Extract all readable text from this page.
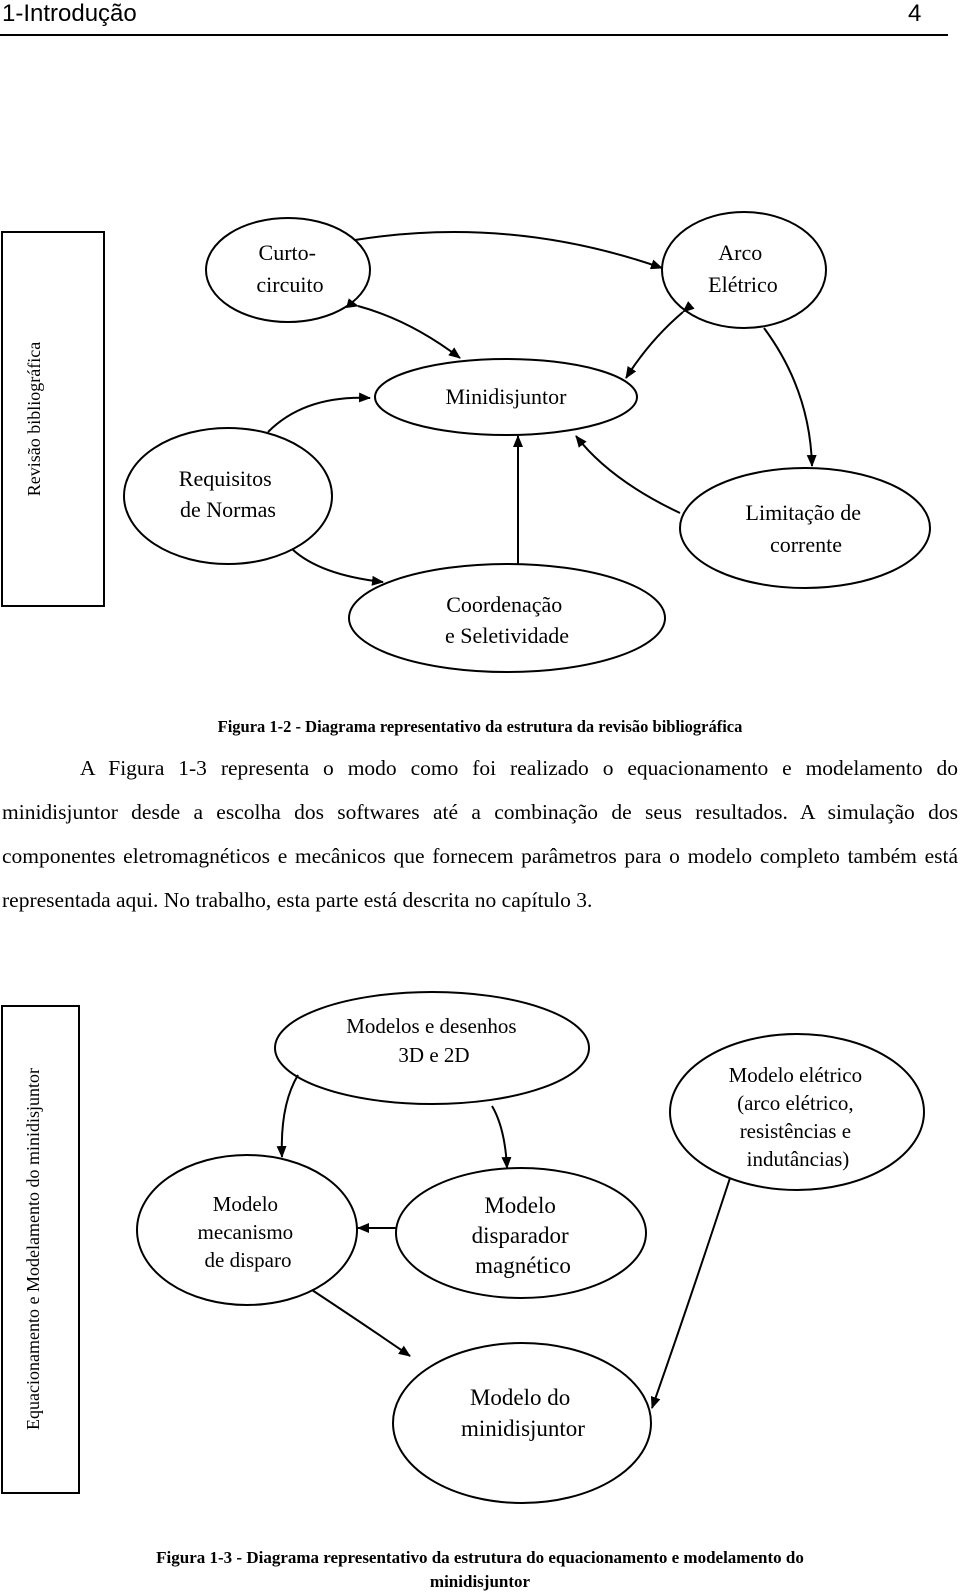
1-Introdução	4
Revisão bibliográfica
Curto- circuito
Arco Elétrico
Minidisjuntor
Requisitos de Normas	Limitação de corrente
Coordenação e Seletividade
Equacionamento e Modelamento do minidisjuntor
Modelos e desenhos 3D e 2D
Modelo elétrico (arco elétrico, resistências e indutâncias)
Modelo mecanismo de disparo
Modelo disparador magnético
Modelo do minidisjuntor
Figura 1-2 - Diagrama representativo da estrutura da revisão bibliográfica

A Figura 1-3 representa o modo como foi realizado o equacionamento e modelamento do minidisjuntor desde a escolha dos softwares até a combinação de seus resultados. A simulação dos componentes eletromagnéticos e mecânicos que fornecem parâmetros para o modelo completo também está representada aqui. No trabalho, esta parte está descrita no capítulo 3.

Figura 1-3 - Diagrama representativo da estrutura do equacionamento e modelamento do
minidisjuntor
